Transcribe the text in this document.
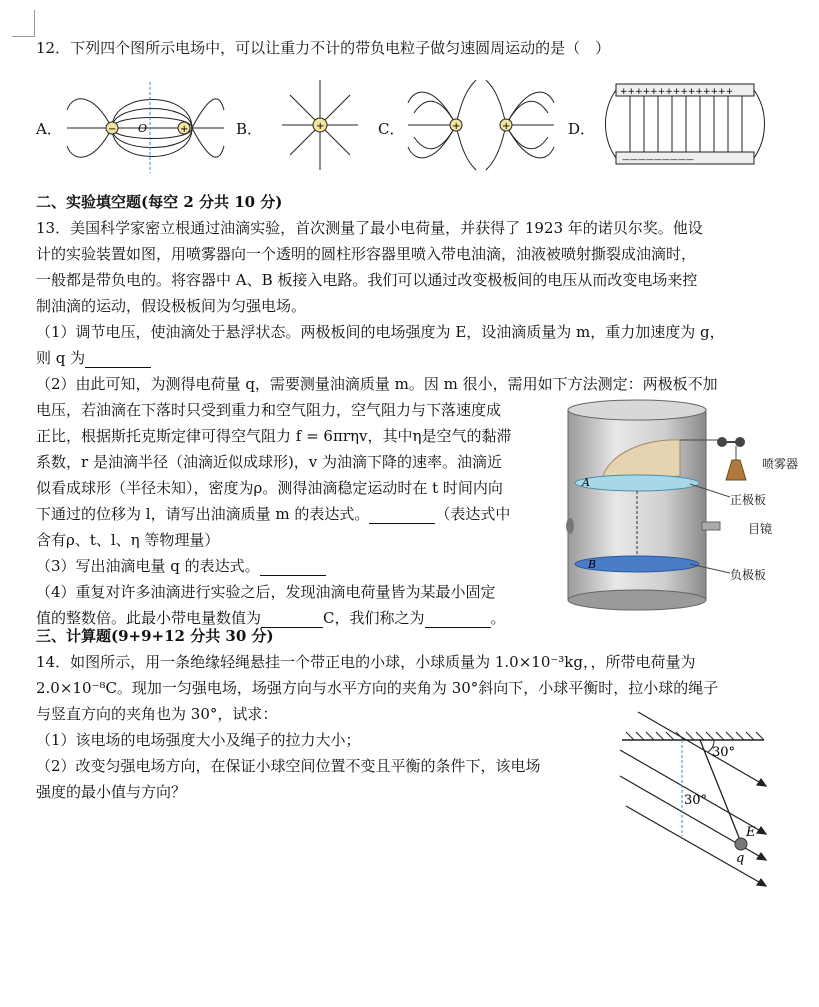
12．下列四个图所示电场中，可以让重力不计的带负电粒子做匀速圆周运动的是（　）
A．	B．	C．	D．
−	+
O	+	+	+
+++++++++++++++
—————————
二、实验填空题(每空 2 分共 10 分)
13．美国科学家密立根通过油滴实验，首次测量了最小电荷量，并获得了 1923 年的诺贝尔奖。他设
计的实验装置如图，用喷雾器向一个透明的圆柱形容器里喷入带电油滴，油液被喷射撕裂成油滴时，
一般都是带负电的。将容器中 A、B 板接入电路。我们可以通过改变极板间的电压从而改变电场来控
制油滴的运动，假设极板间为匀强电场。
（1）调节电压，使油滴处于悬浮状态。两极板间的电场强度为 E，设油滴质量为 m，重力加速度为 g，
则 q 为
（2）由此可知，为测得电荷量 q，需要测量油滴质量 m。因 m 很小，需用如下方法测定：两极板不加
电压，若油滴在下落时只受到重力和空气阻力，空气阻力与下落速度成
正比，根据斯托克斯定律可得空气阻力 f = 6πrηv，其中η是空气的黏滞
系数，r 是油滴半径（油滴近似成球形)，v 为油滴下降的速率。油滴近
似看成球形（半径未知），密度为ρ。测得油滴稳定运动时在 t 时间内向
下通过的位移为 l，请写出油滴质量 m 的表达式。	（表达式中
含有ρ、t、l、η 等物理量）
（3）写出油滴电量 q 的表达式。
（4）重复对许多油滴进行实验之后，发现油滴电荷量皆为某最小固定
值的整数倍。此最小带电量数值为	C，我们称之为	。
A
B
喷雾器
正极板
目镜
负极板
三、计算题(9+9+12 分共 30 分)
14．如图所示，用一条绝缘轻绳悬挂一个带正电的小球，小球质量为 1.0×10⁻³kg，，所带电荷量为
2.0×10⁻⁸C。现加一匀强电场，场强方向与水平方向的夹角为 30°斜向下，小球平衡时，拉小球的绳子
与竖直方向的夹角也为 30°，试求：
（1）该电场的电场强度大小及绳子的拉力大小；
（2）改变匀强电场方向，在保证小球空间位置不变且平衡的条件下，该电场
强度的最小值与方向？
30°
30°
E
q
